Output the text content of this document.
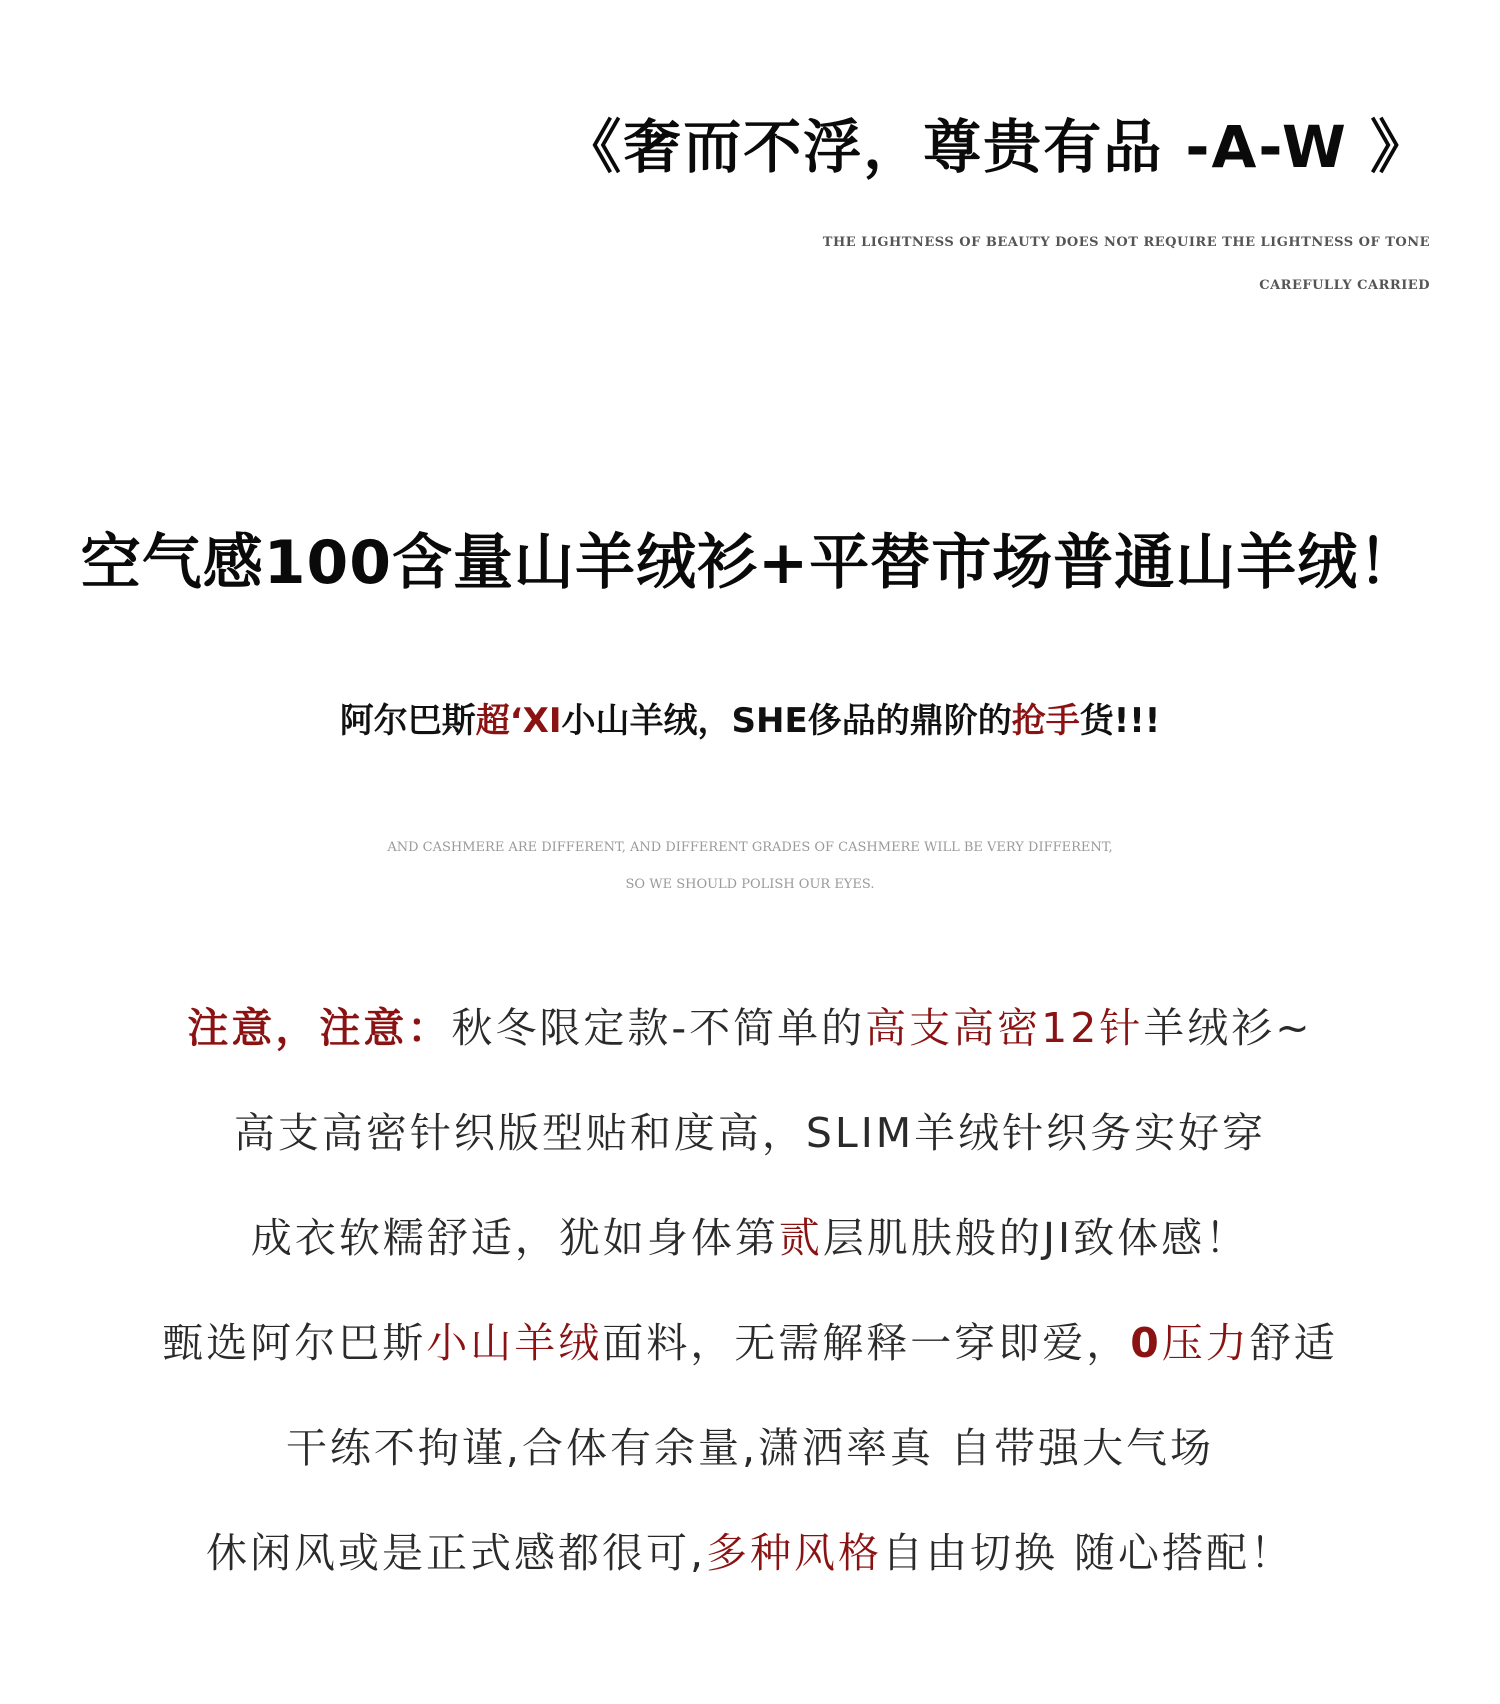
《奢而不浮，尊贵有品 -A-W 》
THE LIGHTNESS OF BEAUTY DOES NOT REQUIRE THE LIGHTNESS OF TONE
CAREFULLY CARRIED
空气感100含量山羊绒衫+平替市场普通山羊绒！
阿尔巴斯超‘XI小山羊绒，SHE侈品的鼎阶的抢手货!!!
AND CASHMERE ARE DIFFERENT, AND DIFFERENT GRADES OF CASHMERE WILL BE VERY DIFFERENT,
SO WE SHOULD POLISH OUR EYES.
注意，注意：秋冬限定款-不简单的高支高密12针羊绒衫~
高支高密针织版型贴和度高，SLIM羊绒针织务实好穿
成衣软糯舒适，犹如身体第贰层肌肤般的JI致体感！
甄选阿尔巴斯小山羊绒面料，无需解释一穿即爱，0压力舒适
干练不拘谨,合体有余量,潇洒率真 自带强大气场
休闲风或是正式感都很可,多种风格自由切换 随心搭配！
